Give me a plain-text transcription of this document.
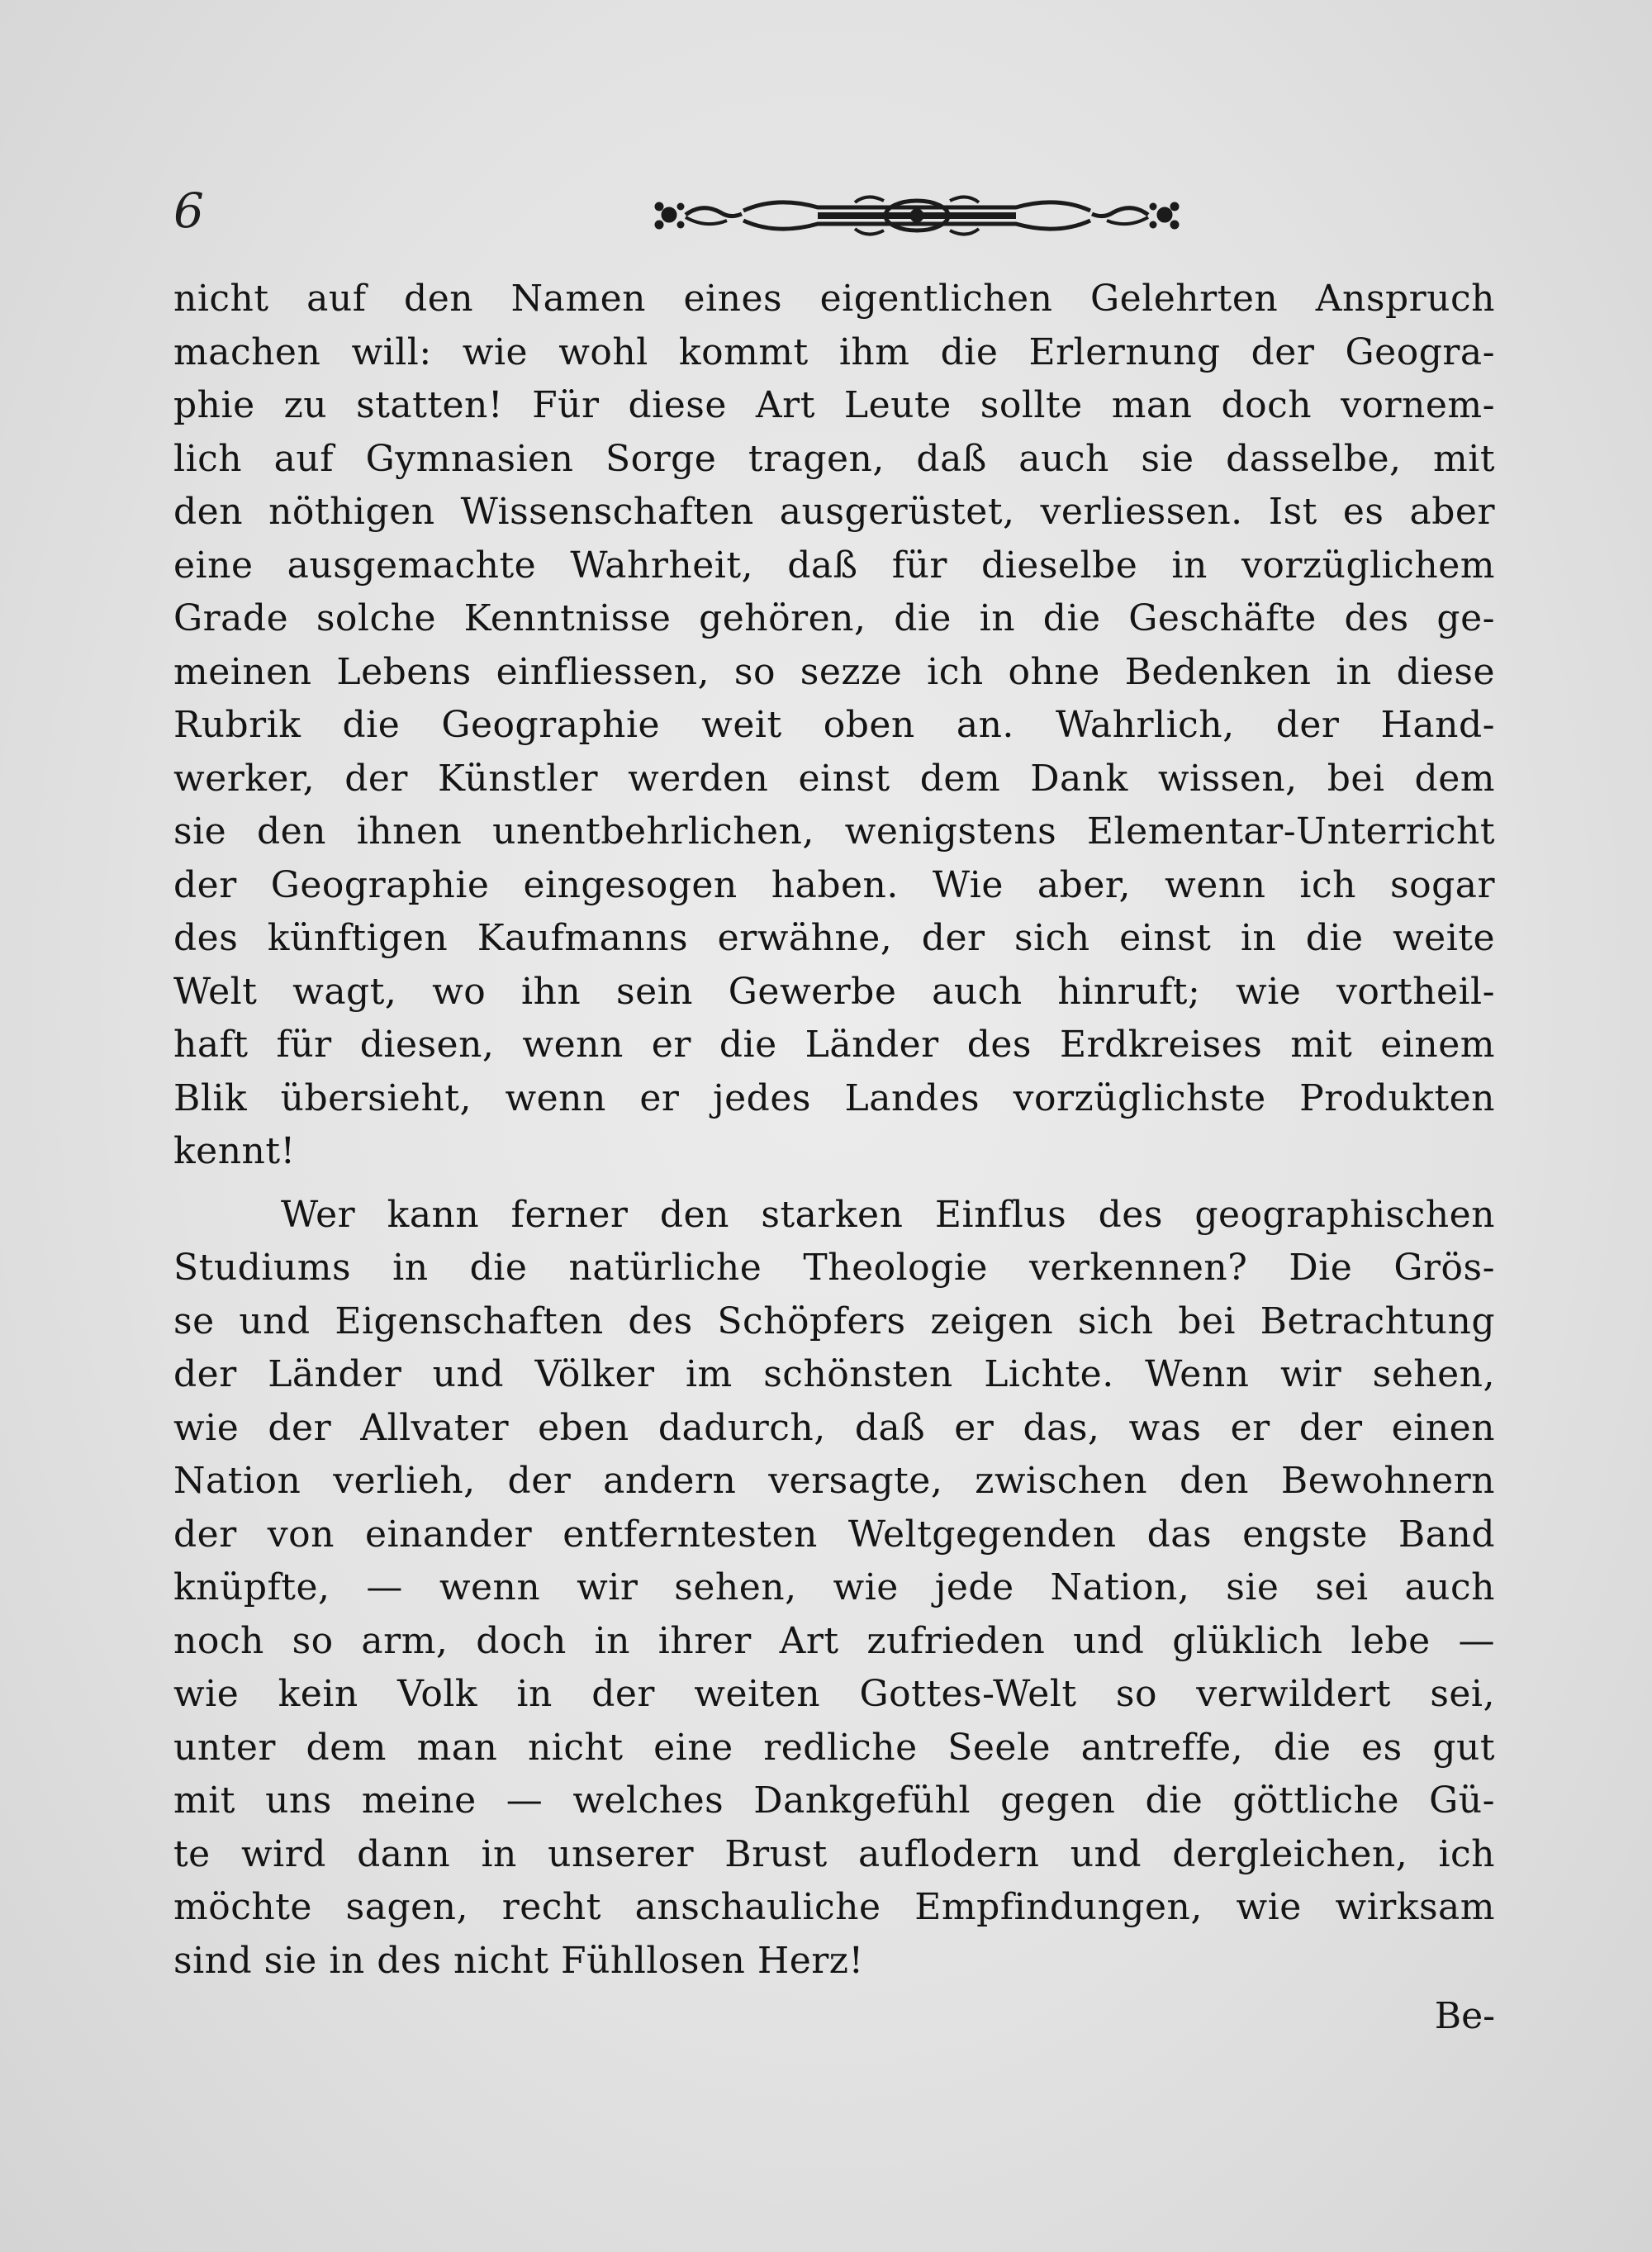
6
nicht auf den Namen eines eigentlichen Gelehrten Anspruch
machen will: wie wohl kommt ihm die Erlernung der Geogra-
phie zu statten! Für diese Art Leute sollte man doch vornem-
lich auf Gymnasien Sorge tragen, daß auch sie dasselbe, mit
den nöthigen Wissenschaften ausgerüstet, verliessen. Ist es aber
eine ausgemachte Wahrheit, daß für dieselbe in vorzüglichem
Grade solche Kenntnisse gehören, die in die Geschäfte des ge-
meinen Lebens einfliessen, so sezze ich ohne Bedenken in diese
Rubrik die Geographie weit oben an. Wahrlich, der Hand-
werker, der Künstler werden einst dem Dank wissen, bei dem
sie den ihnen unentbehrlichen, wenigstens Elementar-Unterricht
der Geographie eingesogen haben. Wie aber, wenn ich sogar
des künftigen Kaufmanns erwähne, der sich einst in die weite
Welt wagt, wo ihn sein Gewerbe auch hinruft; wie vortheil-
haft für diesen, wenn er die Länder des Erdkreises mit einem
Blik übersieht, wenn er jedes Landes vorzüglichste Produkten
kennt!
Wer kann ferner den starken Einflus des geographischen
Studiums in die natürliche Theologie verkennen? Die Grös-
se und Eigenschaften des Schöpfers zeigen sich bei Betrachtung
der Länder und Völker im schönsten Lichte. Wenn wir sehen,
wie der Allvater eben dadurch, daß er das, was er der einen
Nation verlieh, der andern versagte, zwischen den Bewohnern
der von einander entferntesten Weltgegenden das engste Band
knüpfte, — wenn wir sehen, wie jede Nation, sie sei auch
noch so arm, doch in ihrer Art zufrieden und glüklich lebe —
wie kein Volk in der weiten Gottes-Welt so verwildert sei,
unter dem man nicht eine redliche Seele antreffe, die es gut
mit uns meine — welches Dankgefühl gegen die göttliche Gü-
te wird dann in unserer Brust auflodern und dergleichen, ich
möchte sagen, recht anschauliche Empfindungen, wie wirksam
sind sie in des nicht Fühllosen Herz!
Be-
